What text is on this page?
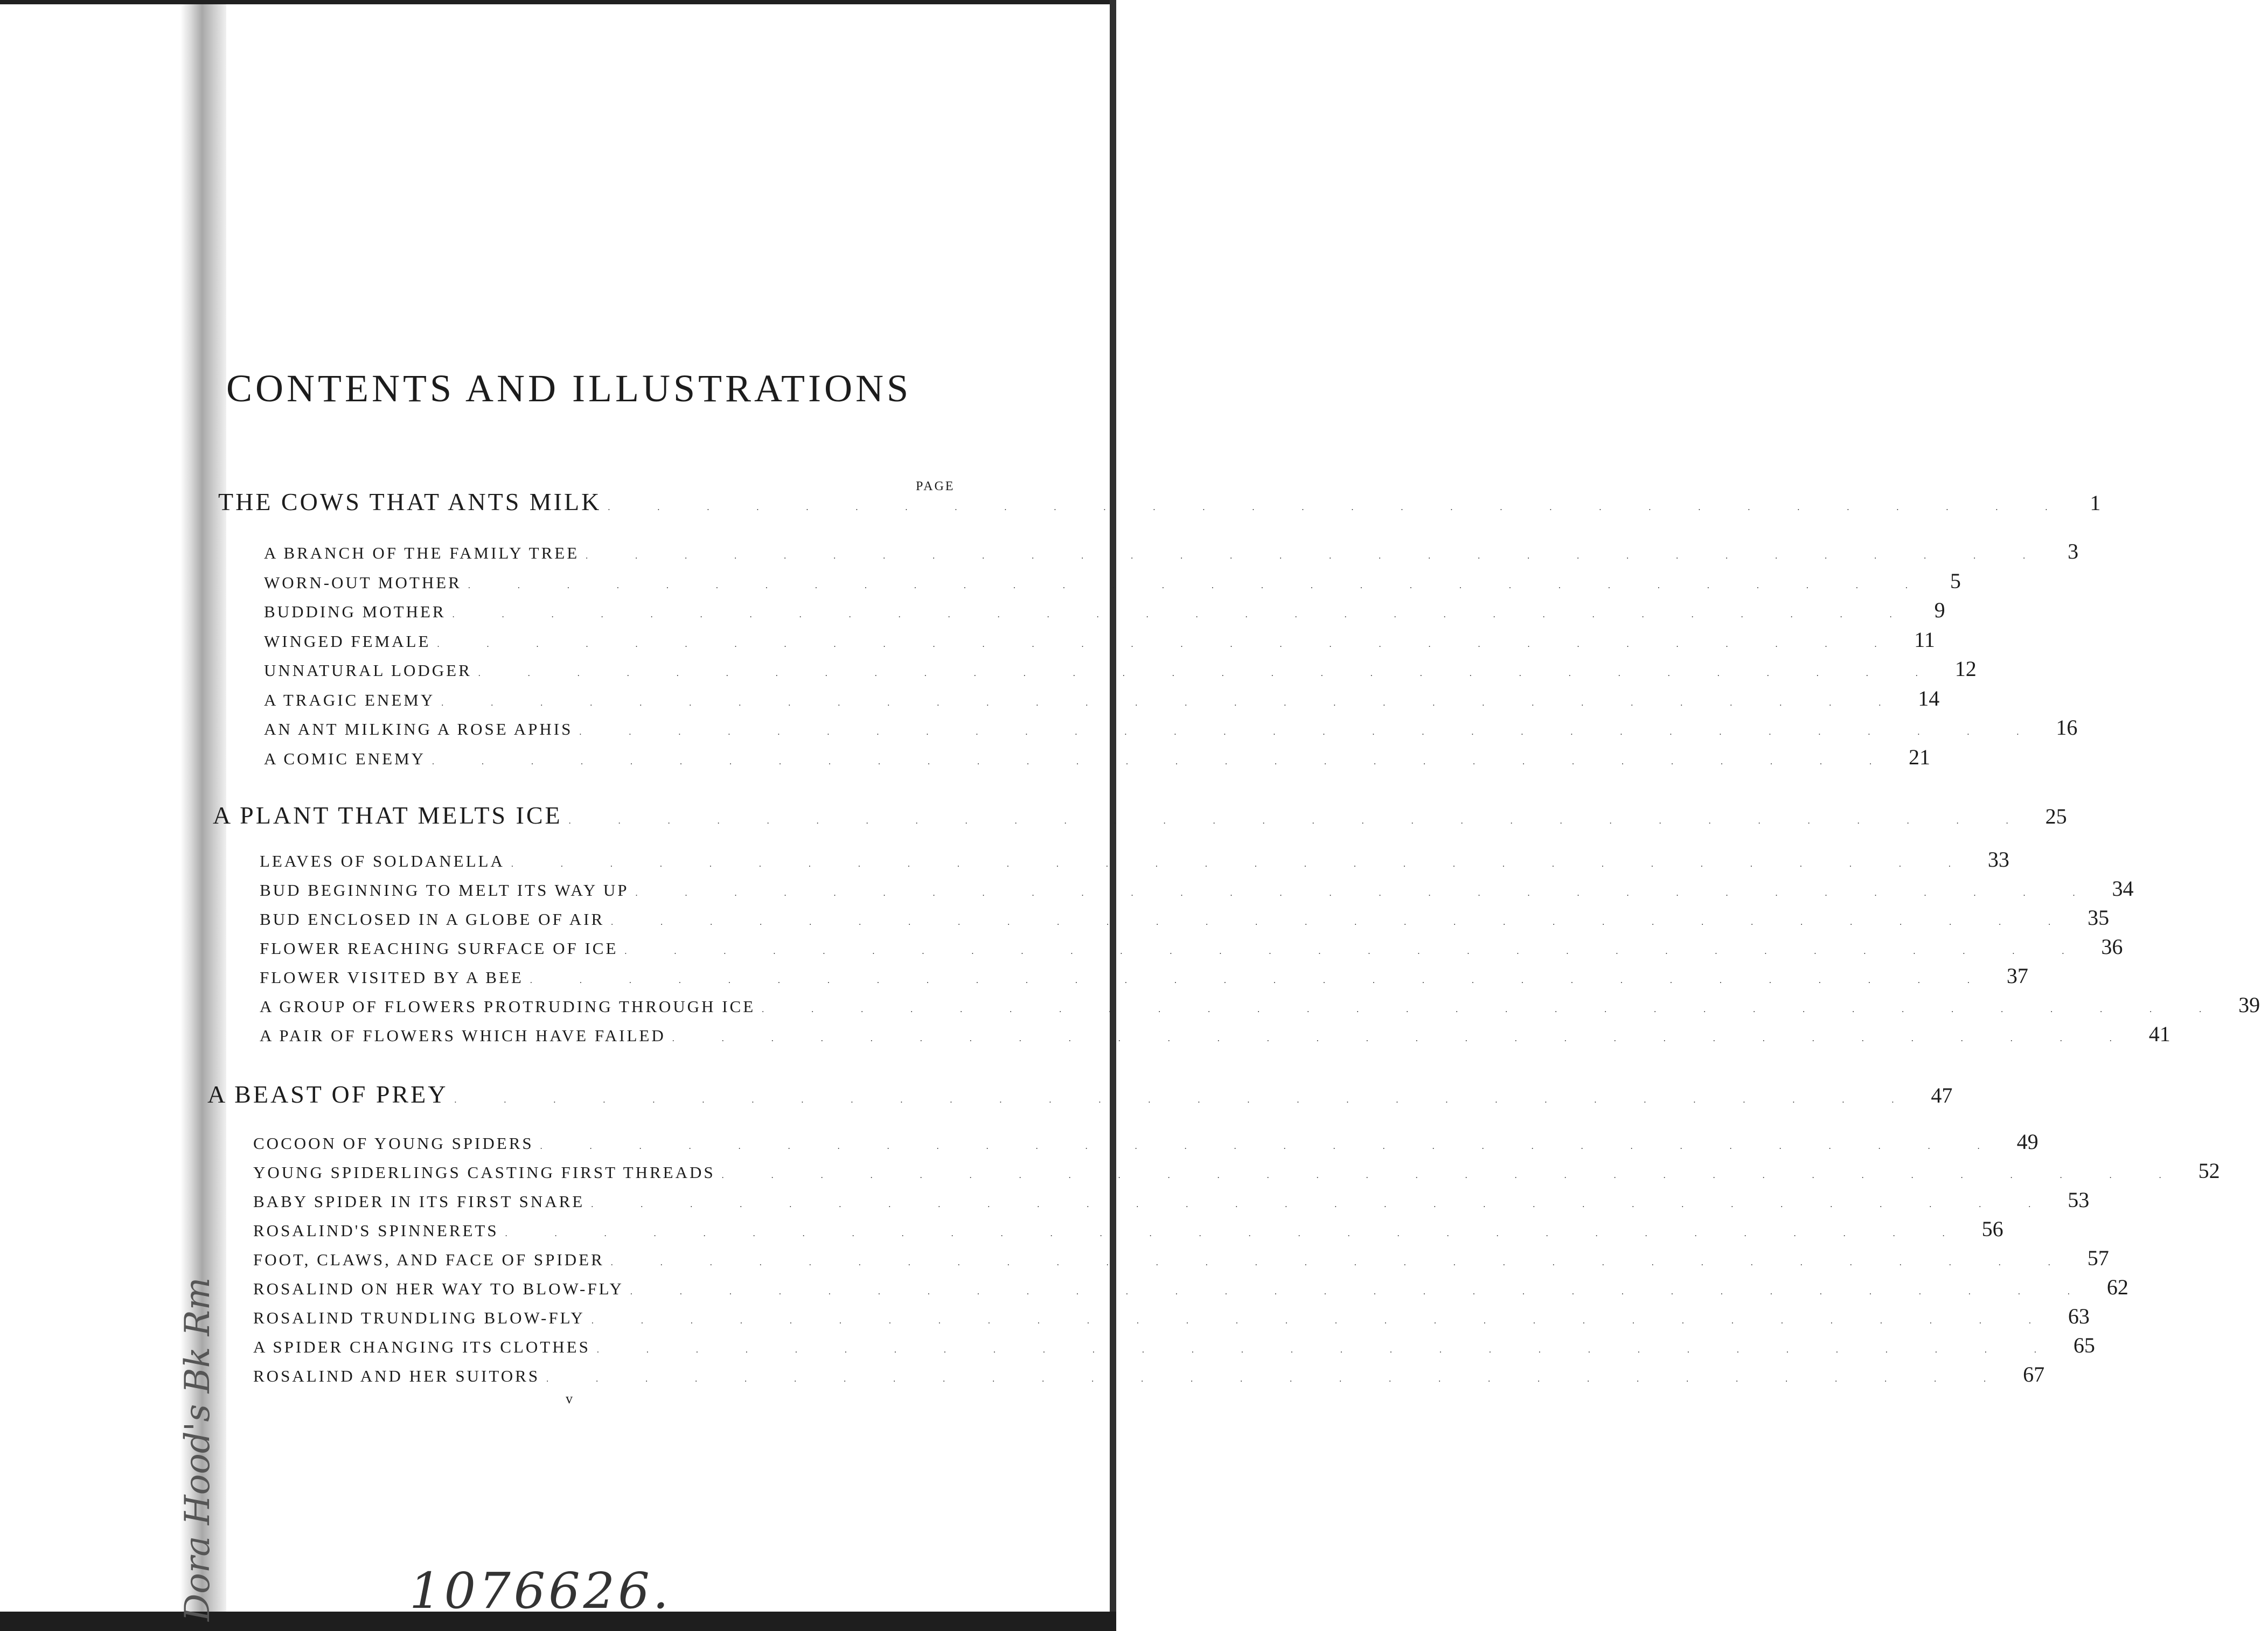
Dora Hood's Bk Rm
CONTENTS AND ILLUSTRATIONS
PAGE
THE COWS THAT ANTS MILK . . . . . . . . . . . . . . . . . . . . . . . . . . . . . . 1
A BRANCH OF THE FAMILY TREE . . . . . . . . . . . . . . . . . . . . . . . . . . . . . . 3
WORN-OUT MOTHER . . . . . . . . . . . . . . . . . . . . . . . . . . . . . . 5
BUDDING MOTHER . . . . . . . . . . . . . . . . . . . . . . . . . . . . . . 9
WINGED FEMALE . . . . . . . . . . . . . . . . . . . . . . . . . . . . . . 11
UNNATURAL LODGER . . . . . . . . . . . . . . . . . . . . . . . . . . . . . . 12
A TRAGIC ENEMY . . . . . . . . . . . . . . . . . . . . . . . . . . . . . . 14
AN ANT MILKING A ROSE APHIS . . . . . . . . . . . . . . . . . . . . . . . . . . . . . . 16
A COMIC ENEMY . . . . . . . . . . . . . . . . . . . . . . . . . . . . . . 21
A PLANT THAT MELTS ICE . . . . . . . . . . . . . . . . . . . . . . . . . . . . . . 25
LEAVES OF SOLDANELLA . . . . . . . . . . . . . . . . . . . . . . . . . . . . . . 33
BUD BEGINNING TO MELT ITS WAY UP . . . . . . . . . . . . . . . . . . . . . . . . . . . . . . 34
BUD ENCLOSED IN A GLOBE OF AIR . . . . . . . . . . . . . . . . . . . . . . . . . . . . . . 35
FLOWER REACHING SURFACE OF ICE . . . . . . . . . . . . . . . . . . . . . . . . . . . . . . 36
FLOWER VISITED BY A BEE . . . . . . . . . . . . . . . . . . . . . . . . . . . . . . 37
A GROUP OF FLOWERS PROTRUDING THROUGH ICE . . . . . . . . . . . . . . . . . . . . . . . . . . . . . . 39
A PAIR OF FLOWERS WHICH HAVE FAILED . . . . . . . . . . . . . . . . . . . . . . . . . . . . . . 41
A BEAST OF PREY . . . . . . . . . . . . . . . . . . . . . . . . . . . . . . 47
COCOON OF YOUNG SPIDERS . . . . . . . . . . . . . . . . . . . . . . . . . . . . . . 49
YOUNG SPIDERLINGS CASTING FIRST THREADS . . . . . . . . . . . . . . . . . . . . . . . . . . . . . . 52
BABY SPIDER IN ITS FIRST SNARE . . . . . . . . . . . . . . . . . . . . . . . . . . . . . . 53
ROSALIND'S SPINNERETS . . . . . . . . . . . . . . . . . . . . . . . . . . . . . . 56
FOOT, CLAWS, AND FACE OF SPIDER . . . . . . . . . . . . . . . . . . . . . . . . . . . . . . 57
ROSALIND ON HER WAY TO BLOW-FLY . . . . . . . . . . . . . . . . . . . . . . . . . . . . . . 62
ROSALIND TRUNDLING BLOW-FLY . . . . . . . . . . . . . . . . . . . . . . . . . . . . . . 63
A SPIDER CHANGING ITS CLOTHES . . . . . . . . . . . . . . . . . . . . . . . . . . . . . . 65
ROSALIND AND HER SUITORS . . . . . . . . . . . . . . . . . . . . . . . . . . . . . . 67
v
1076626.
